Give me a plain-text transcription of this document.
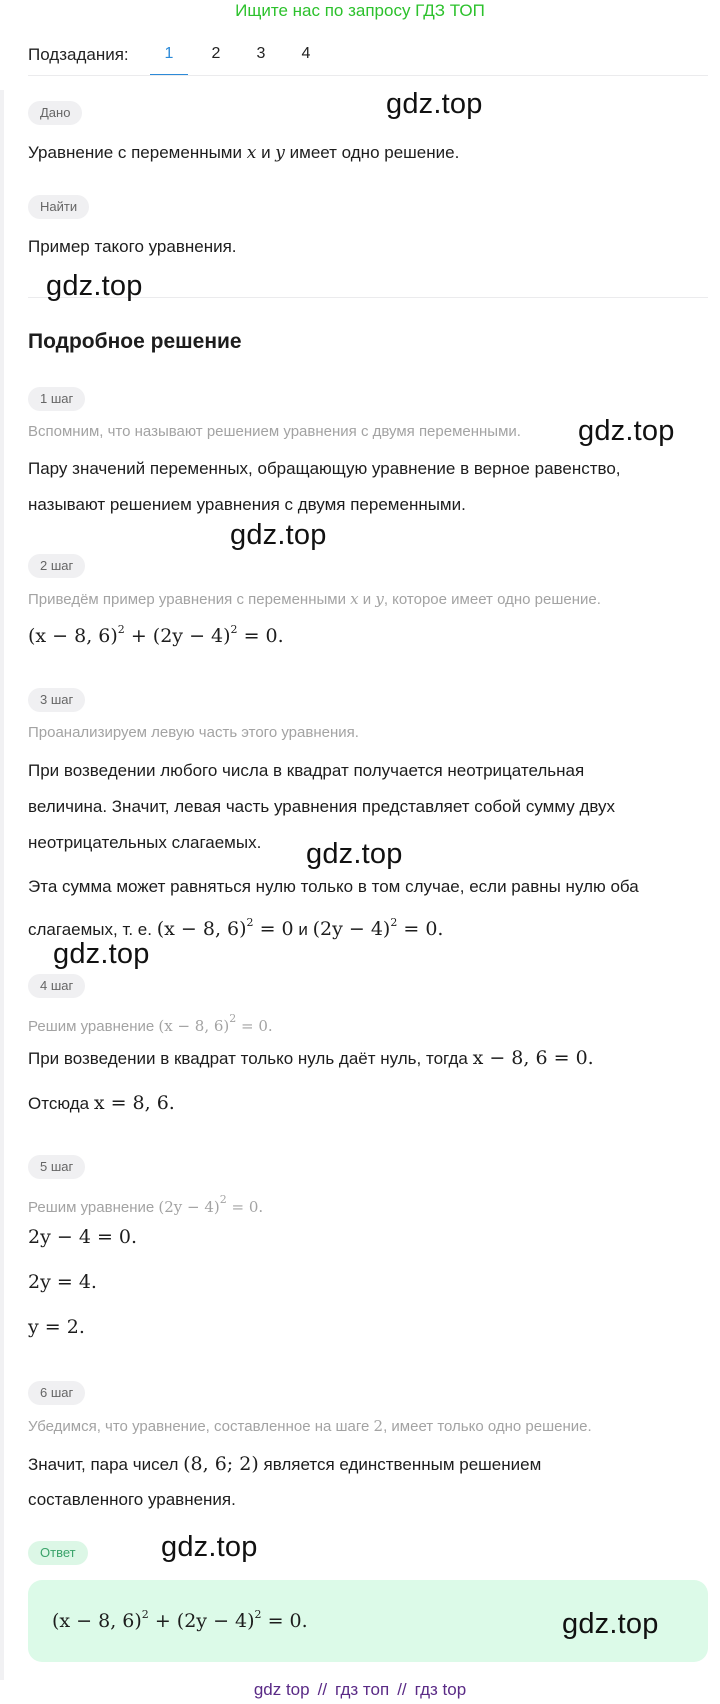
Ищите нас по запросу ГДЗ ТОП
Подзадания:	1	2	3	4
Дано
Уравнение с переменными x и y имеет одно решение.
Найти
Пример такого уравнения.
Подробное решение
1 шаг
Вспомним, что называют решением уравнения с двумя переменными.
Пару значений переменных, обращающую уравнение в верное равенство,
называют решением уравнения с двумя переменными.
2 шаг
Приведём пример уравнения с переменными x и y, которое имеет одно решение.
(x − 8, $6)^2 + (2y - 4)^2 = 0$.
3 шаг
Проанализируем левую часть этого уравнения.
При возведении любого числа в квадрат получается неотрицательная
величина. Значит, левая часть уравнения представляет собой сумму двух
неотрицательных слагаемых.
Эта сумма может равняться нулю только в том случае, если равны нулю оба
слагаемых, т. е. (x − 8, 6)$^2$ = 0 и $(2y - 4)^2 = 0$.
4 шаг
Решим уравнение (x − 8, 6)$^2$ = 0.
При возведении в квадрат только нуль даёт нуль, тогда x − 8, 6 = 0.
Отсюда x = 8, 6.
5 шаг
Решим уравнение $(2y - 4)^2 = 0$.
2y − 4 = 0.
2y = 4.
y = 2.
6 шаг
Убедимся, что уравнение, составленное на шаге 2, имеет только одно решение.
Значит, пара чисел (8, 6; 2) является единственным решением
составленного уравнения.
Ответ
(x − 8, $6)^2 + (2y - 4)^2 = 0$.
gdz.top
gdz.top
gdz.top
gdz.top
gdz.top
gdz.top
gdz.top
gdz.top
gdz top // гдз топ // гдз top
